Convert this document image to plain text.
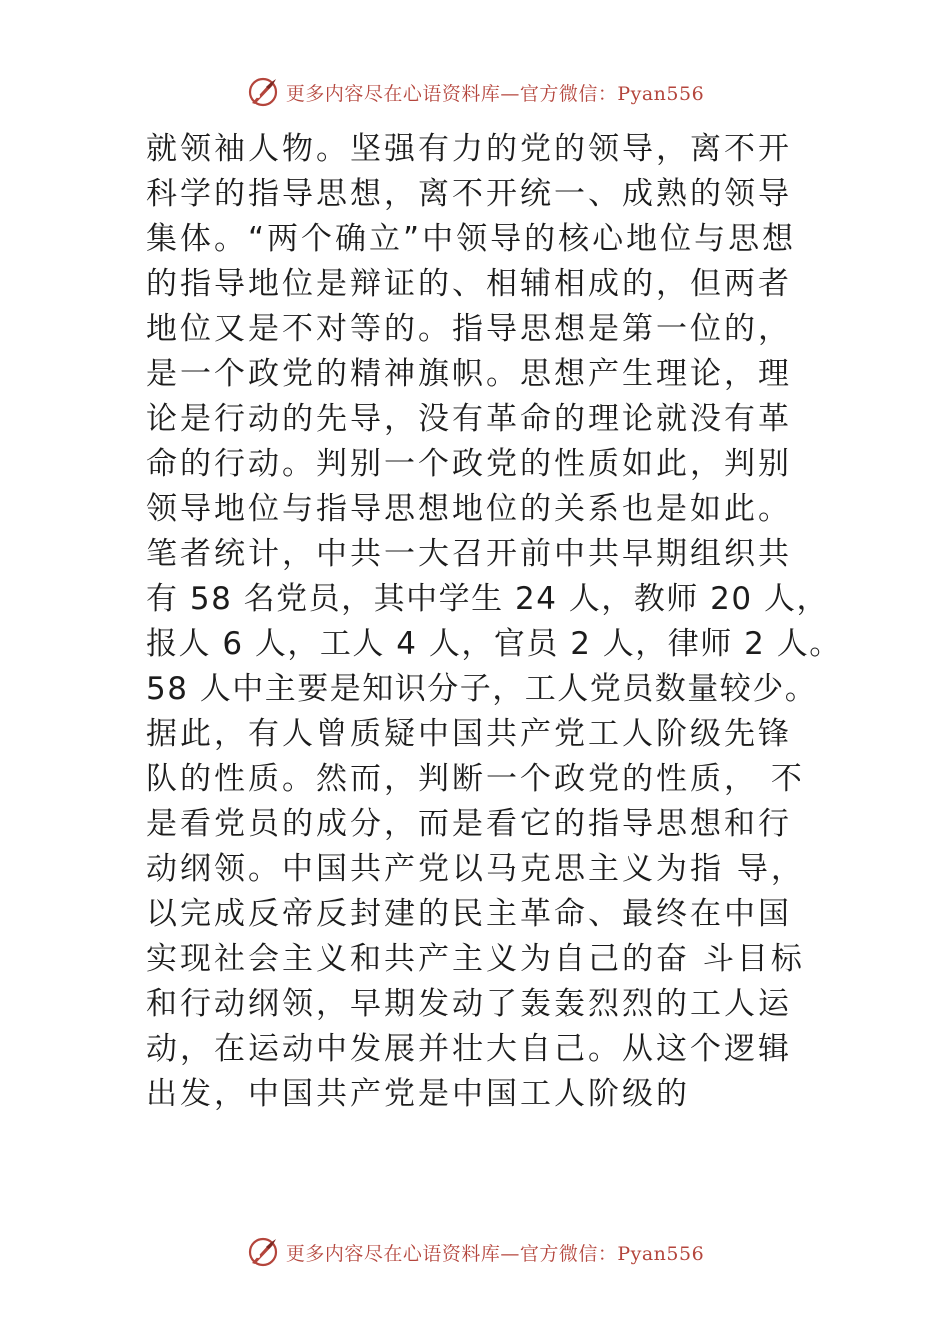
更多内容尽在心语资料库—官方微信：Pyan556
就领袖人物。坚强有力的党的领导，离不开
科学的指导思想，离不开统一、成熟的领导
集体。“两个确立”中领导的核心地位与思想
的指导地位是辩证的、相辅相成的，但两者
地位又是不对等的。指导思想是第一位的，
是一个政党的精神旗帜。思想产生理论，理
论是行动的先导，没有革命的理论就没有革
命的行动。判别一个政党的性质如此，判别
领导地位与指导思想地位的关系也是如此。
笔者统计，中共一大召开前中共早期组织共
有 58 名党员，其中学生 24 人，教师 20 人，
报人 6 人，工人 4 人，官员 2 人，律师 2 人。
58 人中主要是知识分子，工人党员数量较少。
据此，有人曾质疑中国共产党工人阶级先锋
队的性质。然而，判断一个政党的性质， 不
是看党员的成分，而是看它的指导思想和行
动纲领。中国共产党以马克思主义为指 导，
以完成反帝反封建的民主革命、最终在中国
实现社会主义和共产主义为自己的奋 斗目标
和行动纲领，早期发动了轰轰烈烈的工人运
动，在运动中发展并壮大自己。从这个逻辑
出发，中国共产党是中国工人阶级的
更多内容尽在心语资料库—官方微信：Pyan556
